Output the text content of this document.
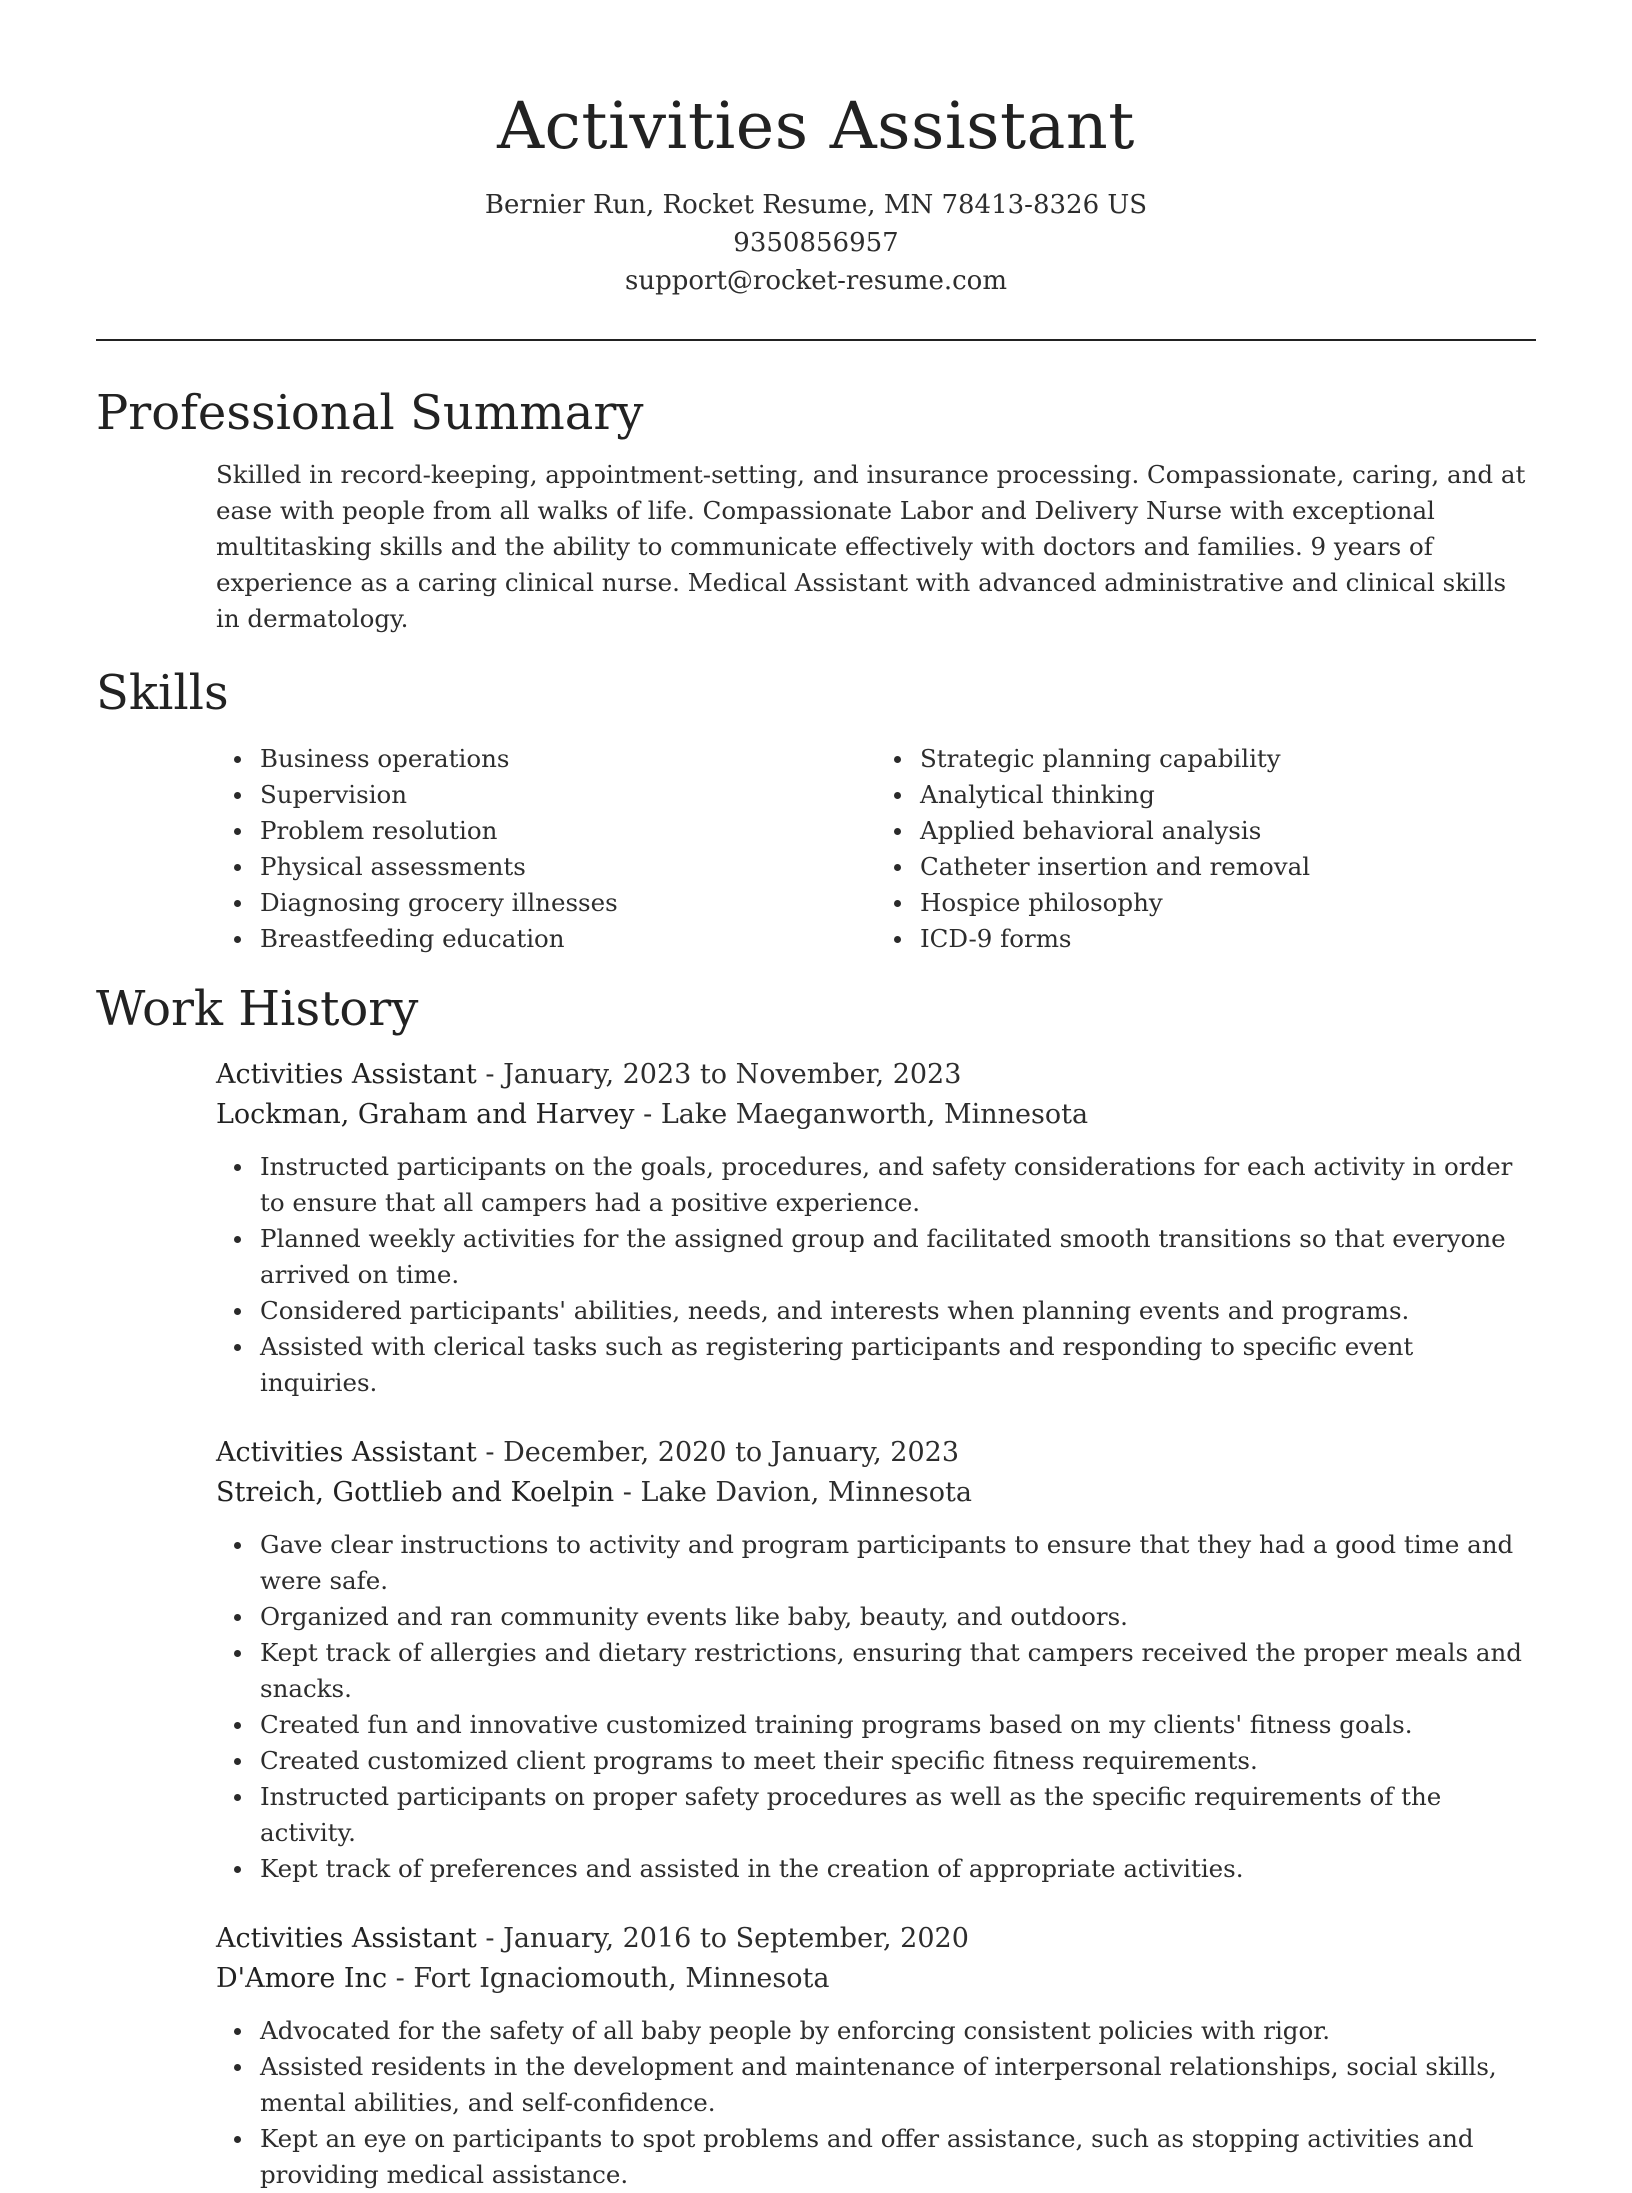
Activities Assistant
Bernier Run, Rocket Resume, MN 78413-8326 US
9350856957
support@rocket-resume.com
Professional Summary

Skilled in record-keeping, appointment-setting, and insurance processing. Compassionate, caring, and at ease with people from all walks of life. Compassionate Labor and Delivery Nurse with exceptional multitasking skills and the ability to communicate effectively with doctors and families. 9 years of experience as a caring clinical nurse. Medical Assistant with advanced administrative and clinical skills in dermatology.

Skills
Business operations
Supervision
Problem resolution
Physical assessments
Diagnosing grocery illnesses
Breastfeeding education
Strategic planning capability
Analytical thinking
Applied behavioral analysis
Catheter insertion and removal
Hospice philosophy
ICD-9 forms
Work History
Activities Assistant - January, 2023 to November, 2023
Lockman, Graham and Harvey - Lake Maeganworth, Minnesota
Instructed participants on the goals, procedures, and safety considerations for each activity in order to ensure that all campers had a positive experience.
Planned weekly activities for the assigned group and facilitated smooth transitions so that everyone arrived on time.
Considered participants' abilities, needs, and interests when planning events and programs.
Assisted with clerical tasks such as registering participants and responding to specific event inquiries.
Activities Assistant - December, 2020 to January, 2023
Streich, Gottlieb and Koelpin - Lake Davion, Minnesota
Gave clear instructions to activity and program participants to ensure that they had a good time and were safe.
Organized and ran community events like baby, beauty, and outdoors.
Kept track of allergies and dietary restrictions, ensuring that campers received the proper meals and snacks.
Created fun and innovative customized training programs based on my clients' fitness goals.
Created customized client programs to meet their specific fitness requirements.
Instructed participants on proper safety procedures as well as the specific requirements of the activity.
Kept track of preferences and assisted in the creation of appropriate activities.
Activities Assistant - January, 2016 to September, 2020
D'Amore Inc - Fort Ignaciomouth, Minnesota
Advocated for the safety of all baby people by enforcing consistent policies with rigor.
Assisted residents in the development and maintenance of interpersonal relationships, social skills, mental abilities, and self-confidence.
Kept an eye on participants to spot problems and offer assistance, such as stopping activities and providing medical assistance.
